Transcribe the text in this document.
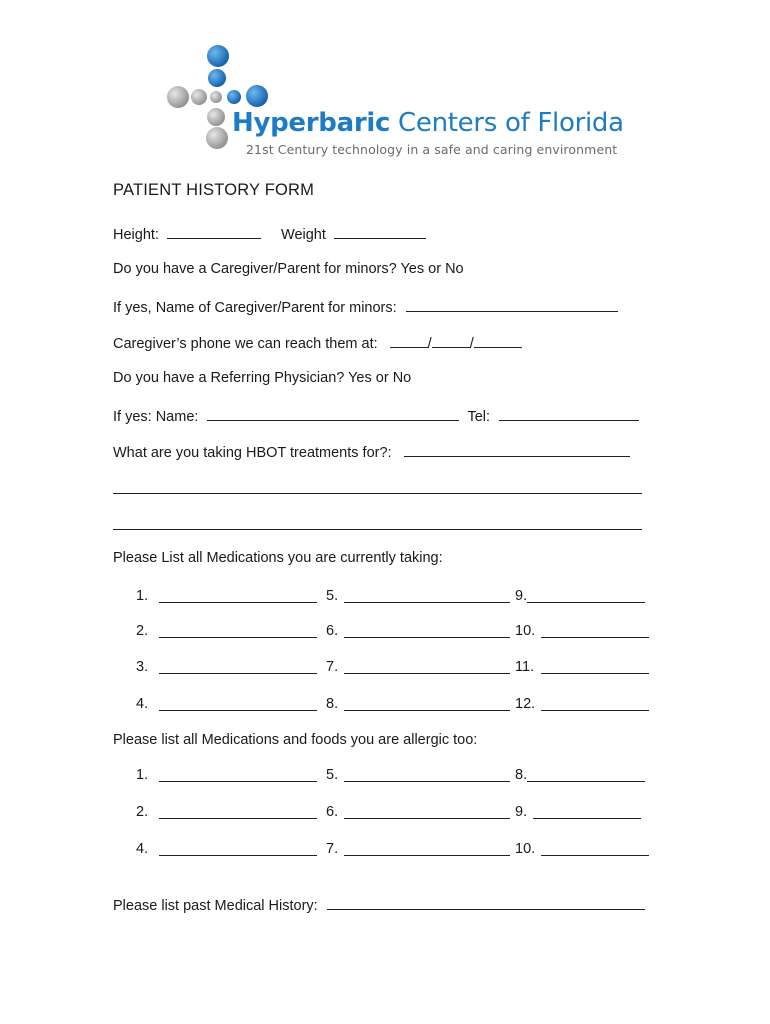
Hyperbaric Centers of Florida
21st Century technology in a safe and caring environment
PATIENT HISTORY FORM
Height:	Weight
Do you have a Caregiver/Parent for minors? Yes or No
If yes, Name of Caregiver/Parent for minors:
Caregiver’s phone we can reach them at:	/	/
Do you have a Referring Physician? Yes or No
If yes: Name:	Tel:
What are you taking HBOT treatments for?:
Please List all Medications you are currently taking:
1.	5.	9.
2.	6.	10.
3.	7.	11.
4.	8.	12.
Please list all Medications and foods you are allergic too:
1.	5.	8.
2.	6.	9.
4.	7.	10.
Please list past Medical History:
